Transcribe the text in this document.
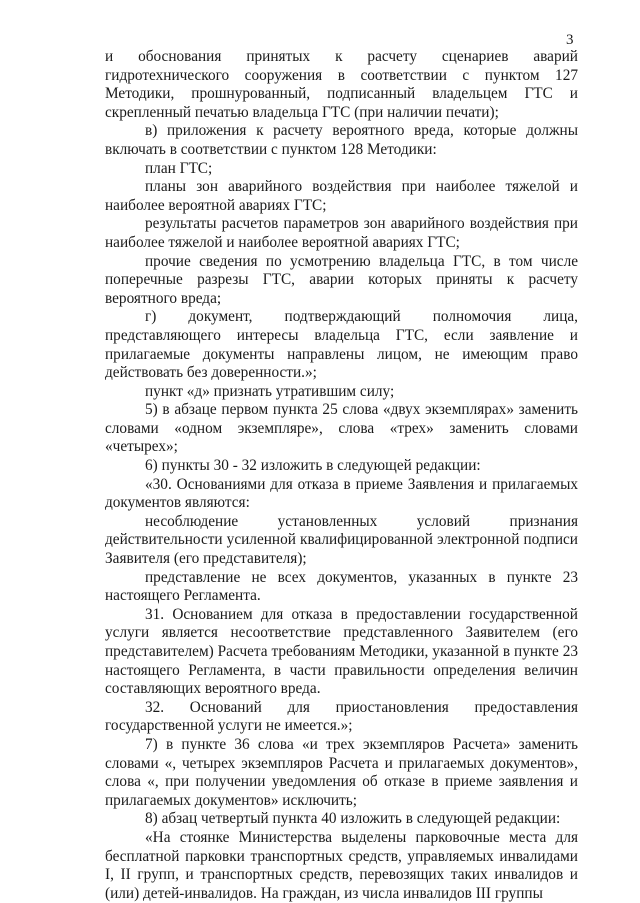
3

и обоснования принятых к расчету сценариев аварий гидротехнического сооружения в соответствии с пунктом 127 Методики, прошнурованный, подписанный владельцем ГТС и скрепленный печатью владельца ГТС (при наличии печати);

в) приложения к расчету вероятного вреда, которые должны включать в соответствии с пунктом 128 Методики:

план ГТС;

планы зон аварийного воздействия при наиболее тяжелой и наиболее вероятной авариях ГТС;

результаты расчетов параметров зон аварийного воздействия при наиболее тяжелой и наиболее вероятной авариях ГТС;

прочие сведения по усмотрению владельца ГТС, в том числе поперечные разрезы ГТС, аварии которых приняты к расчету вероятного вреда;

г) документ, подтверждающий полномочия лица, представляющего интересы владельца ГТС, если заявление и прилагаемые документы направлены лицом, не имеющим право действовать без доверенности.»;

пункт «д» признать утратившим силу;

5) в абзаце первом пункта 25 слова «двух экземплярах» заменить словами «одном экземпляре», слова «трех» заменить словами «четырех»;

6) пункты 30 - 32 изложить в следующей редакции:

«30. Основаниями для отказа в приеме Заявления и прилагаемых документов являются:

несоблюдение установленных условий признания действительности усиленной квалифицированной электронной подписи Заявителя (его представителя);

представление не всех документов, указанных в пункте 23 настоящего Регламента.

31. Основанием для отказа в предоставлении государственной услуги является несоответствие представленного Заявителем (его представителем) Расчета требованиям Методики, указанной в пункте 23 настоящего Регламента, в части правильности определения величин составляющих вероятного вреда.

32. Оснований для приостановления предоставления государственной услуги не имеется.»;

7) в пункте 36 слова «и трех экземпляров Расчета» заменить словами «, четырех экземпляров Расчета и прилагаемых документов», слова «, при получении уведомления об отказе в приеме заявления и прилагаемых документов» исключить;

8) абзац четвертый пункта 40 изложить в следующей редакции:

«На стоянке Министерства выделены парковочные места для бесплатной парковки транспортных средств, управляемых инвалидами I, II групп, и транспортных средств, перевозящих таких инвалидов и (или) детей-инвалидов. На граждан, из числа инвалидов III группы
